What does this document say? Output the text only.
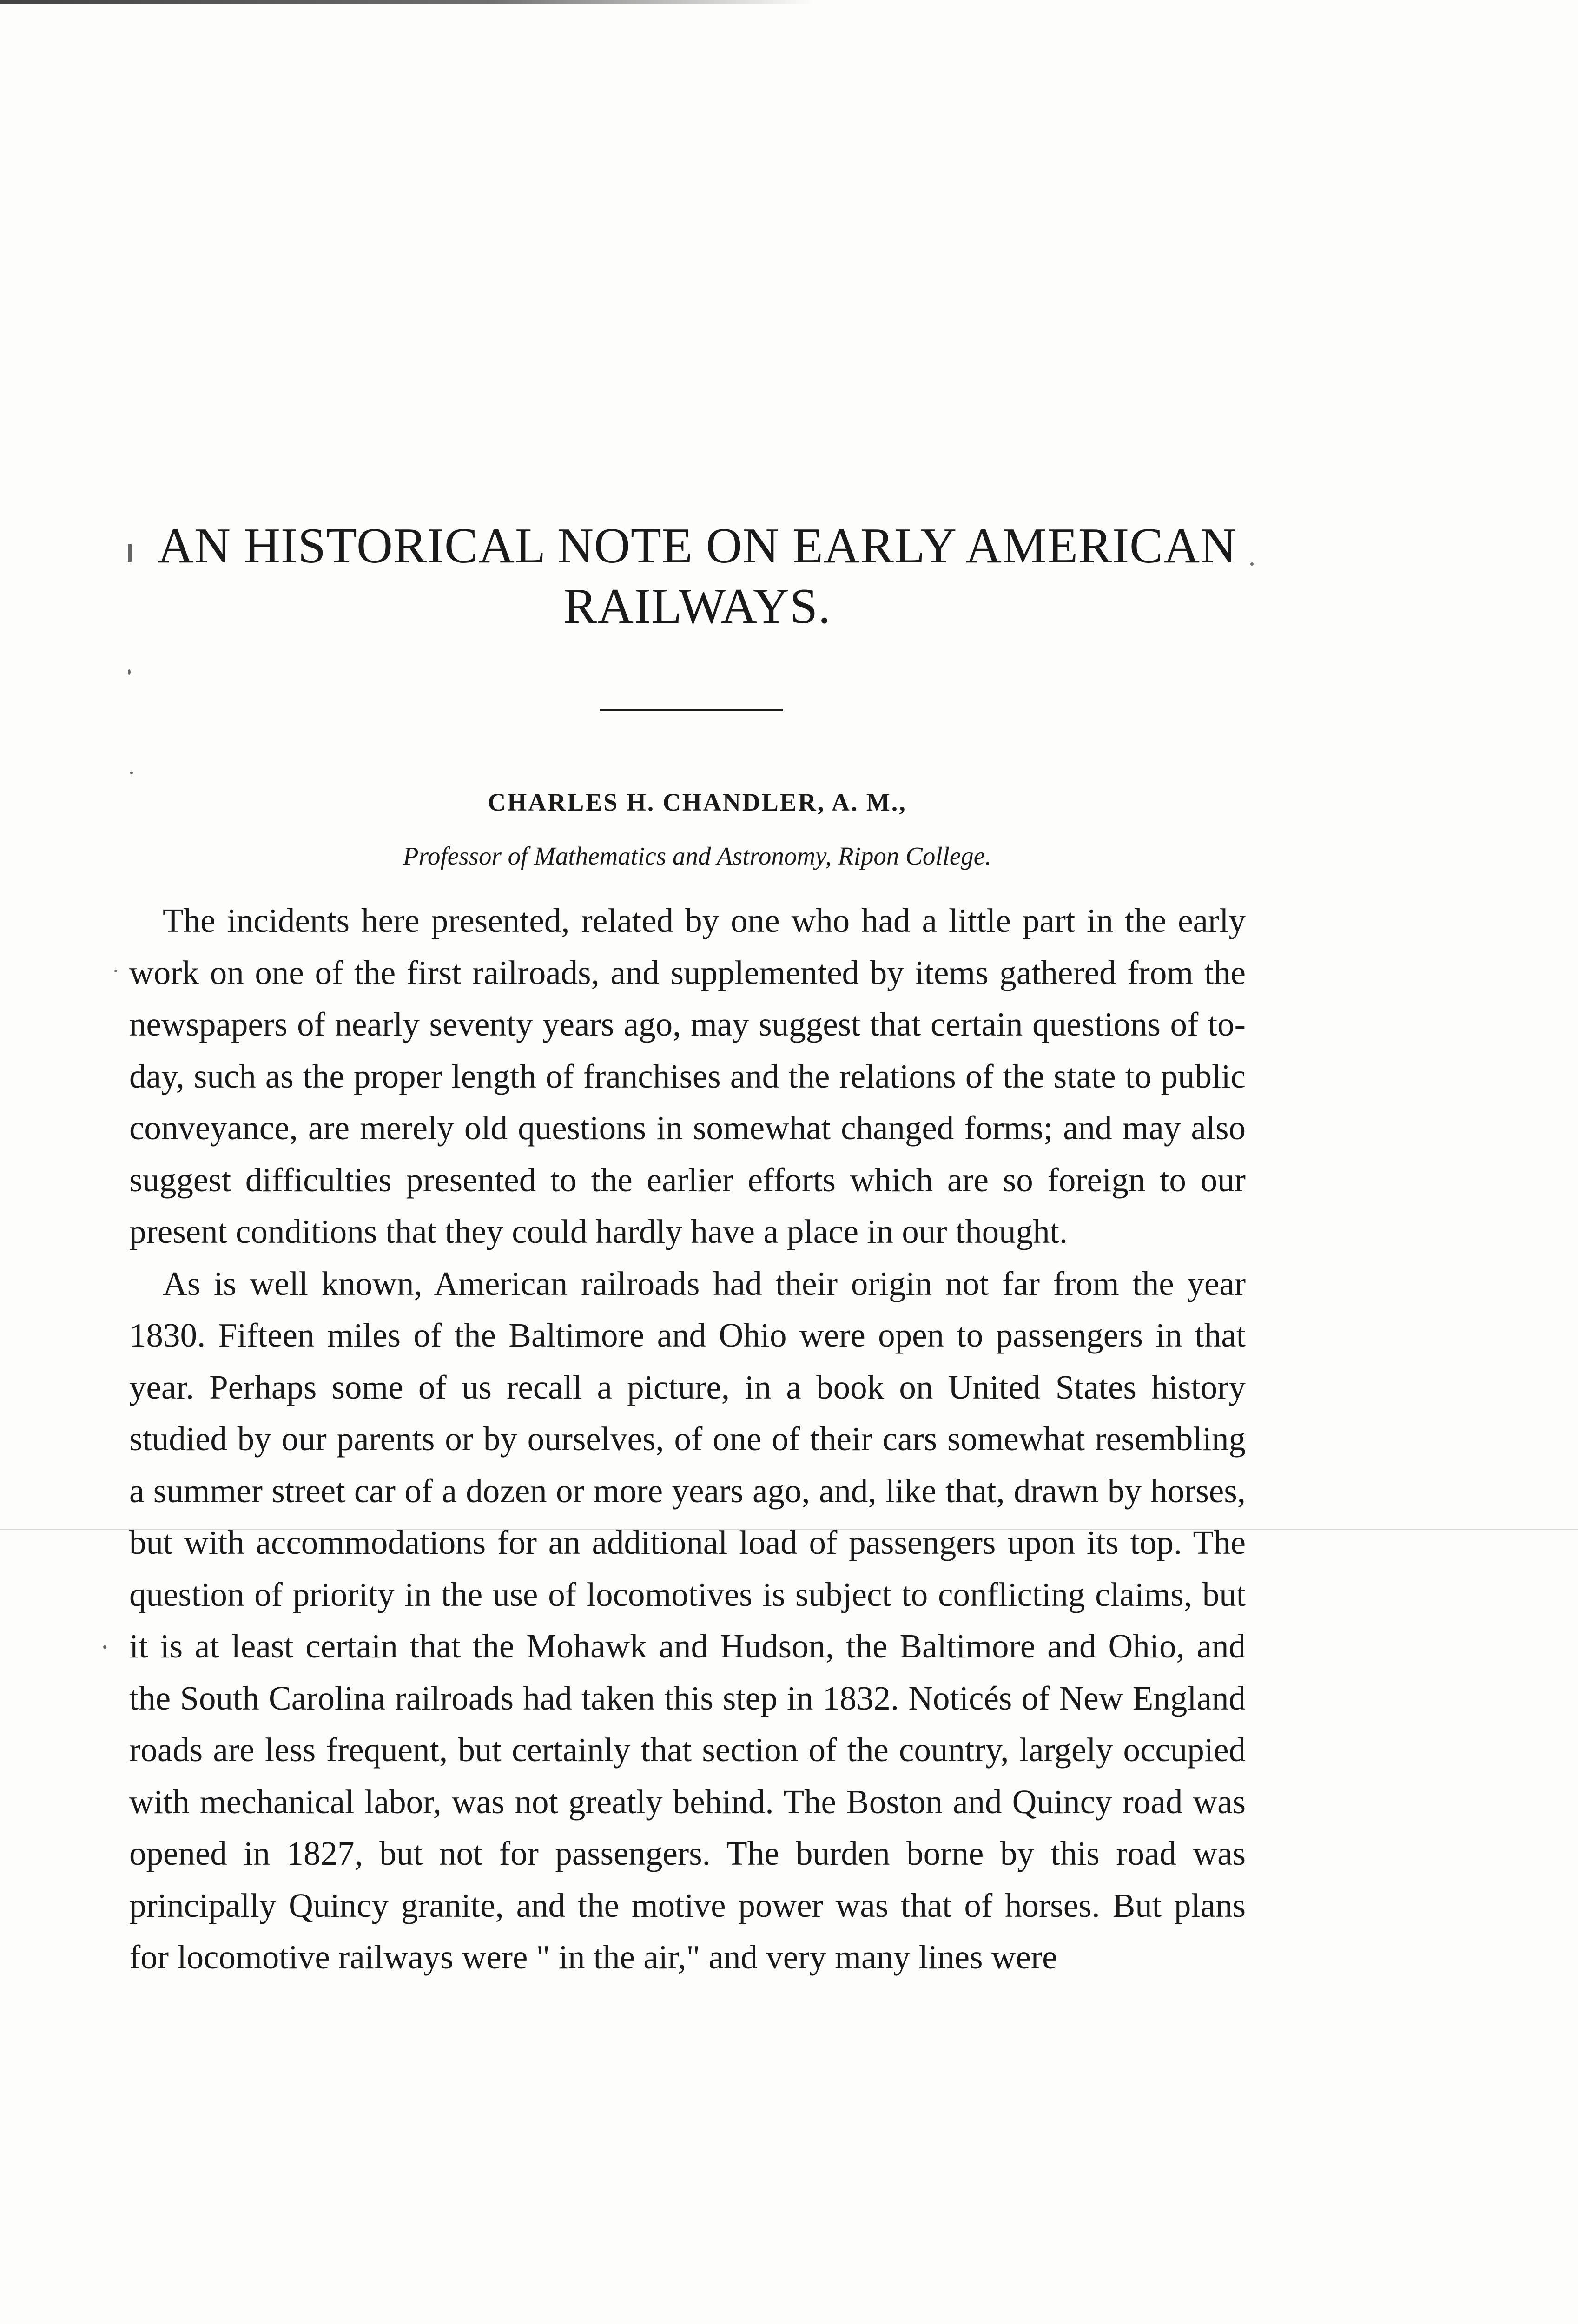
AN HISTORICAL NOTE ON EARLY AMERICAN
RAILWAYS.
CHARLES H. CHANDLER, A. M.,
Professor of Mathematics and Astronomy, Ripon College.

The incidents here presented, related by one who had a little part in the early work on one of the first railroads, and supplemented by items gathered from the newspapers of nearly seventy years ago, may suggest that certain questions of to-day, such as the proper length of franchises and the relations of the state to public conveyance, are merely old questions in somewhat changed forms; and may also suggest difficulties presented to the earlier efforts which are so foreign to our present conditions that they could hardly have a place in our thought.

As is well known, American railroads had their origin not far from the year 1830. Fifteen miles of the Baltimore and Ohio were open to passengers in that year. Perhaps some of us recall a picture, in a book on United States history studied by our parents or by ourselves, of one of their cars somewhat resembling a summer street car of a dozen or more years ago, and, like that, drawn by horses, but with accommodations for an additional load of passengers upon its top. The question of priority in the use of locomotives is subject to conflicting claims, but it is at least certain that the Mohawk and Hudson, the Baltimore and Ohio, and the South Carolina railroads had taken this step in 1832. Noticés of New England roads are less frequent, but certainly that section of the country, largely occupied with mechanical labor, was not greatly behind. The Boston and Quincy road was opened in 1827, but not for passengers. The burden borne by this road was principally Quincy granite, and the motive power was that of horses. But plans for locomotive railways were " in the air," and very many lines were
